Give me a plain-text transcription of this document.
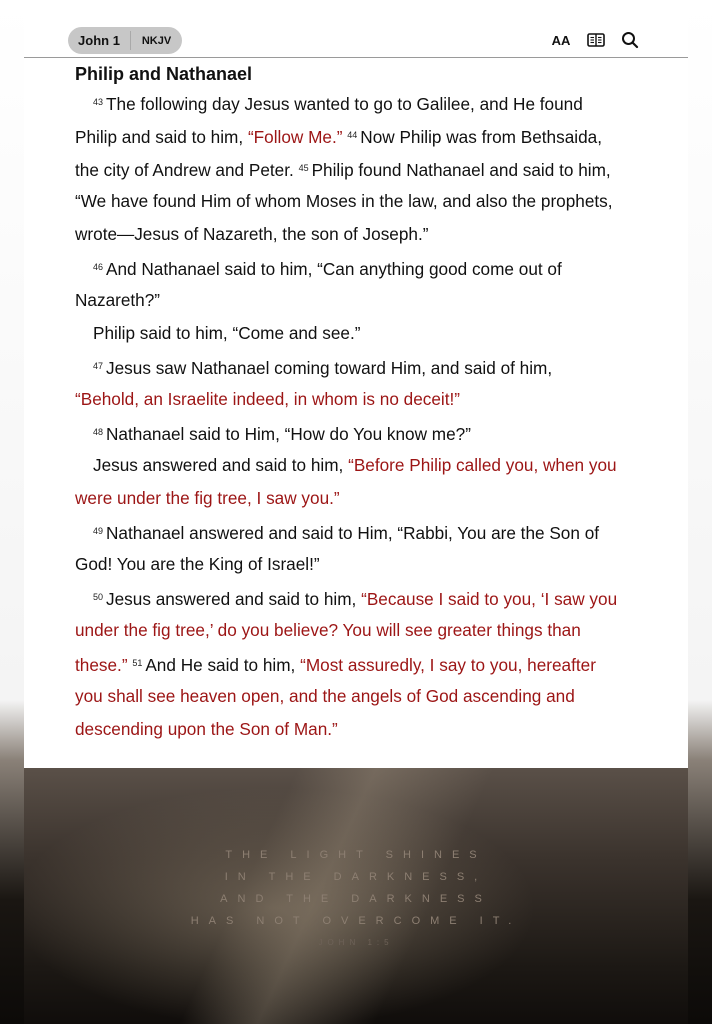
John 1	NKJV	AA
Philip and Nathanael
$^{43}$ The following day Jesus wanted to go to Galilee, and He found
Philip and said to him, “Follow Me.” $^{44}$ Now Philip was from Bethsaida,
the city of Andrew and Peter. $^{45}$ Philip found Nathanael and said to him,
“We have found Him of whom Moses in the law, and also the prophets,
wrote—Jesus of Nazareth, the son of Joseph.”
$^{46}$ And Nathanael said to him, “Can anything good come out of
Nazareth?”
Philip said to him, “Come and see.”
$^{47}$ Jesus saw Nathanael coming toward Him, and said of him,
“Behold, an Israelite indeed, in whom is no deceit!”
$^{48}$ Nathanael said to Him, “How do You know me?”
Jesus answered and said to him, “Before Philip called you, when you
were under the fig tree, I saw you.”
$^{49}$ Nathanael answered and said to Him, “Rabbi, You are the Son of
God! You are the King of Israel!”
$^{50}$ Jesus answered and said to him, “Because I said to you, ‘I saw you
under the fig tree,’ do you believe? You will see greater things than
these.” $^{51}$ And He said to him, “Most assuredly, I say to you, hereafter
you shall see heaven open, and the angels of God ascending and
descending upon the Son of Man.”
THE LIGHT SHINES
IN THE DARKNESS,
AND THE DARKNESS
HAS NOT OVERCOME IT.
JOHN 1:5
